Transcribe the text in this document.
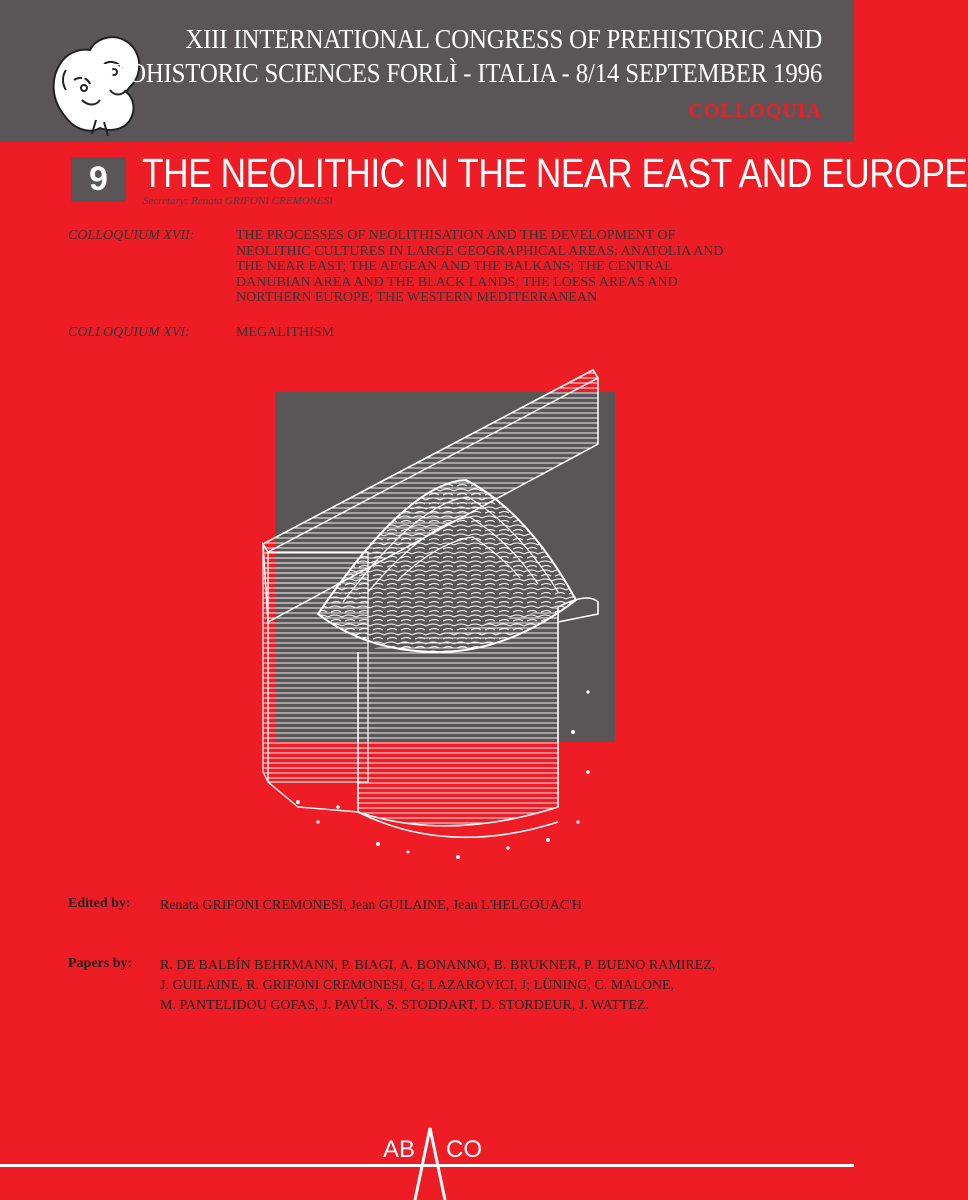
XIII INTERNATIONAL CONGRESS OF PREHISTORIC AND
PROTOHISTORIC SCIENCES FORLÌ - ITALIA - 8/14 SEPTEMBER 1996
COLLOQUIA
9 THE NEOLITHIC IN THE NEAR EAST AND EUROPE
Secretary: Renata GRIFONI CREMONESI
COLLOQUIUM XVII:	THE PROCESSES OF NEOLITHISATION AND THE DEVELOPMENT OF
NEOLITHIC CULTURES IN LARGE GEOGRAPHICAL AREAS: ANATOLIA AND
THE NEAR EAST; THE AEGEAN AND THE BALKANS; THE CENTRAL
DANUBIAN AREA AND THE BLACK LANDS; THE LOESS AREAS AND
NORTHERN EUROPE; THE WESTERN MEDITERRANEAN
COLLOQUIUM XVI:	MEGALITHISM
Edited by: Renata GRIFONI CREMONESI, Jean GUILAINE, Jean L'HELGOUAC'H
Papers by: R. DE BALBÍN BEHRMANN, P. BIAGI, A. BONANNO, B. BRUKNER, P. BUENO RAMIREZ,
J. GUILAINE, R. GRIFONI CREMONESI, G; LAZAROVICI, J; LÜNING, C. MALONE,
M. PANTELIDOU GOFAS, J. PAVÚK, S. STODDART, D. STORDEUR, J. WATTEZ.
AB CO
